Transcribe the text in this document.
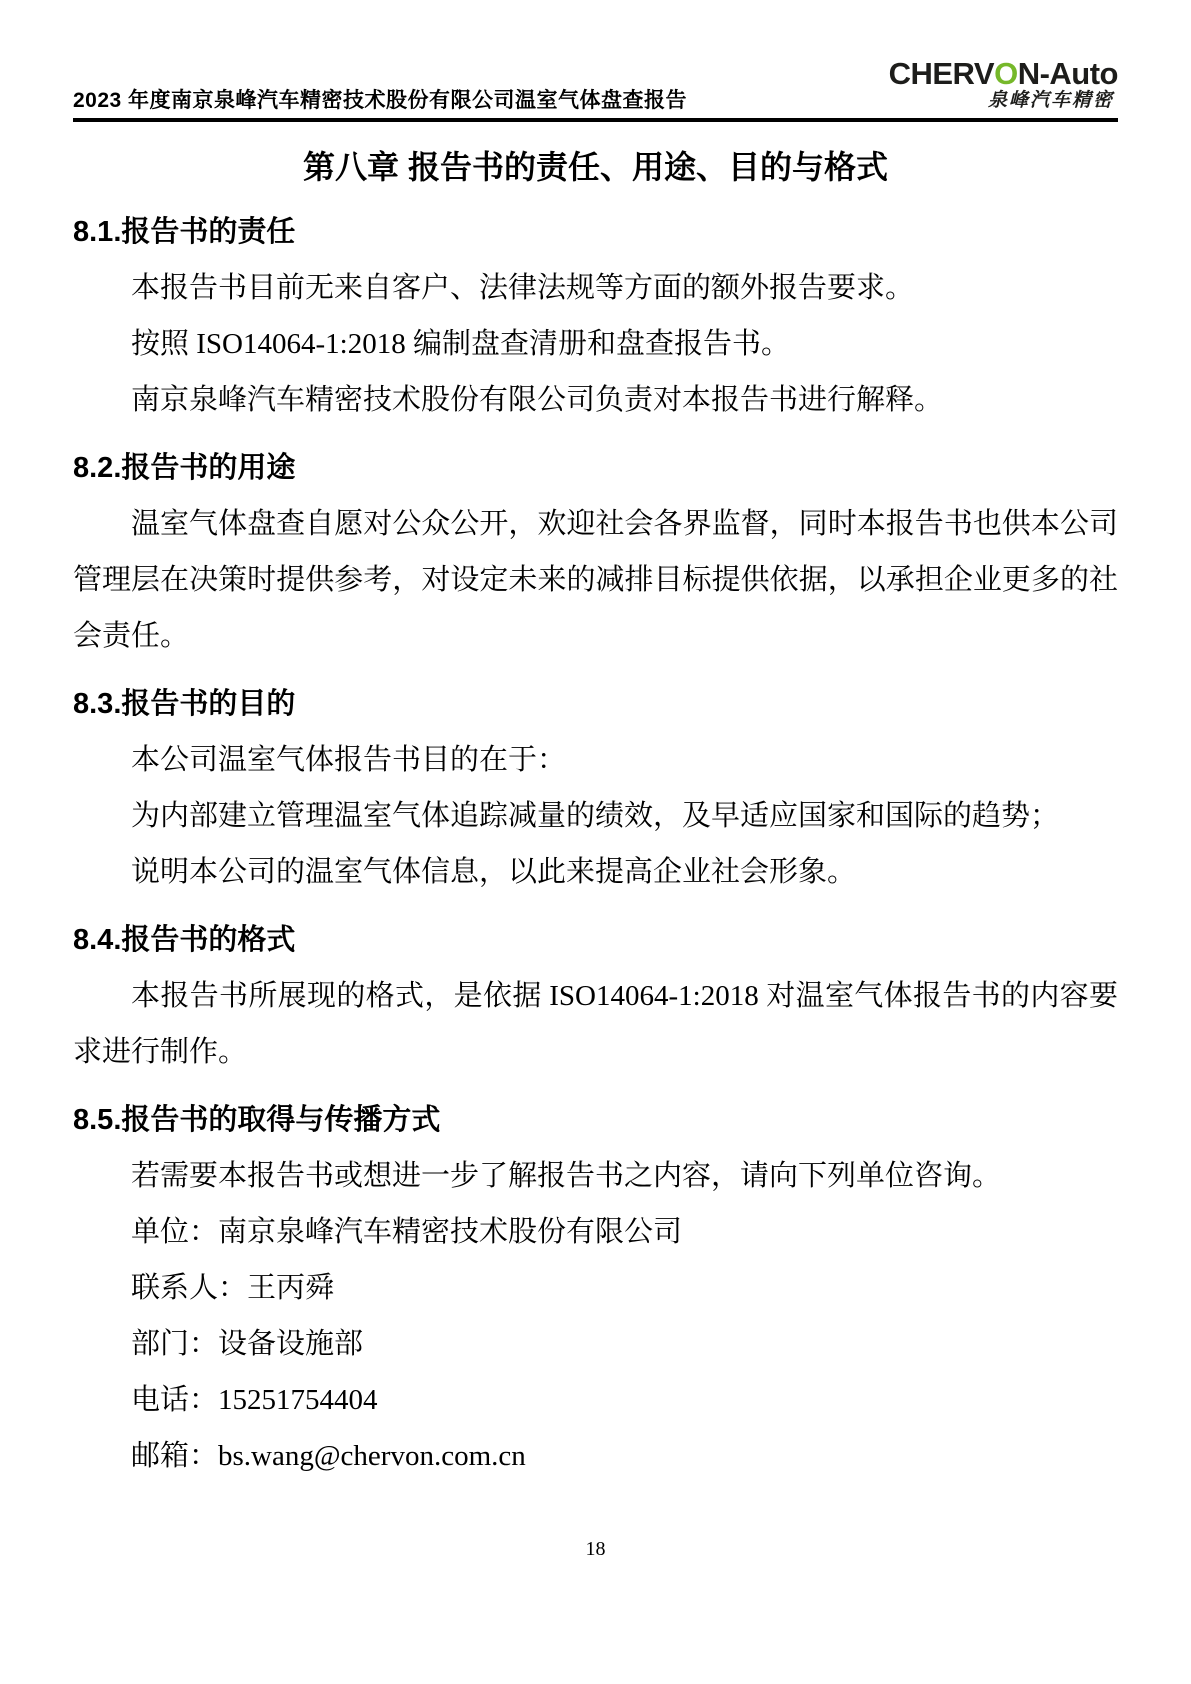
2023 年度南京泉峰汽车精密技术股份有限公司温室气体盘查报告
CHERVON-Auto
泉峰汽车精密
第八章 报告书的责任、用途、目的与格式
8.1.报告书的责任

本报告书目前无来自客户、法律法规等方面的额外报告要求。

按照 ISO14064-1:2018 编制盘查清册和盘查报告书。

南京泉峰汽车精密技术股份有限公司负责对本报告书进行解释。

8.2.报告书的用途

温室气体盘查自愿对公众公开，欢迎社会各界监督，同时本报告书也供本公司管理层在决策时提供参考，对设定未来的减排目标提供依据，以承担企业更多的社会责任。

8.3.报告书的目的

本公司温室气体报告书目的在于：

为内部建立管理温室气体追踪减量的绩效，及早适应国家和国际的趋势；

说明本公司的温室气体信息，以此来提高企业社会形象。

8.4.报告书的格式

本报告书所展现的格式，是依据 ISO14064-1:2018 对温室气体报告书的内容要求进行制作。

8.5.报告书的取得与传播方式

若需要本报告书或想进一步了解报告书之内容，请向下列单位咨询。

单位：南京泉峰汽车精密技术股份有限公司

联系人：王丙舜

部门：设备设施部

电话：15251754404

邮箱：bs.wang@chervon.com.cn

18
